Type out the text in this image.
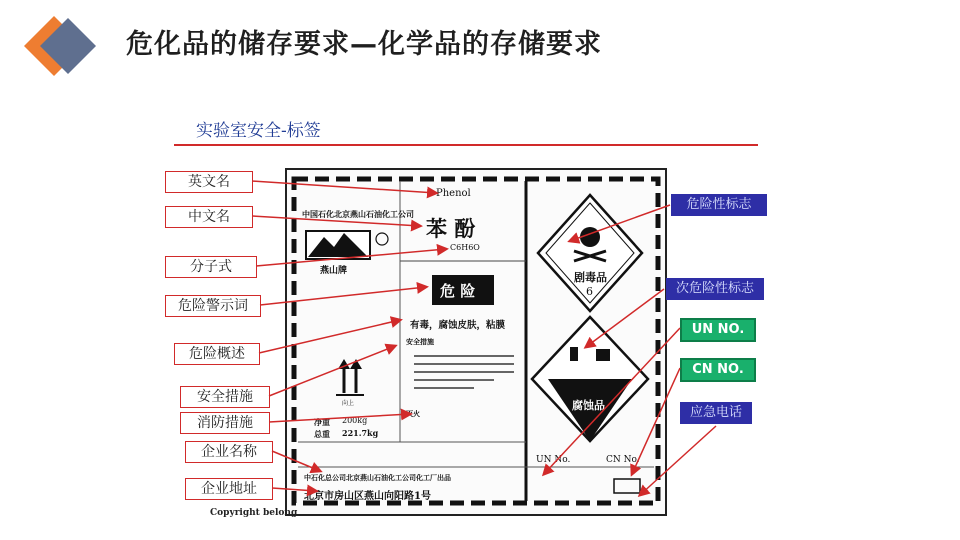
危化品的储存要求—化学品的存储要求
实验室安全-标签
中国石化北京燕山石油化工公司
燕山牌
Phenol
苯 酚
C6H6O
危 险
有毒，腐蚀皮肤，粘膜
安全措施
向上
净重 200kg
总重 221.7kg
灭火
中石化总公司北京燕山石油化工公司化工厂出品
北京市房山区燕山向阳路1号
剧毒品
6
腐蚀品
UN No.	CN No.
Copyright belong
英文名
中文名
分子式
危险警示词
危险概述
安全措施
消防措施
企业名称
企业地址
危险性标志
次危险性标志
UN NO.
CN NO.
应急电话
